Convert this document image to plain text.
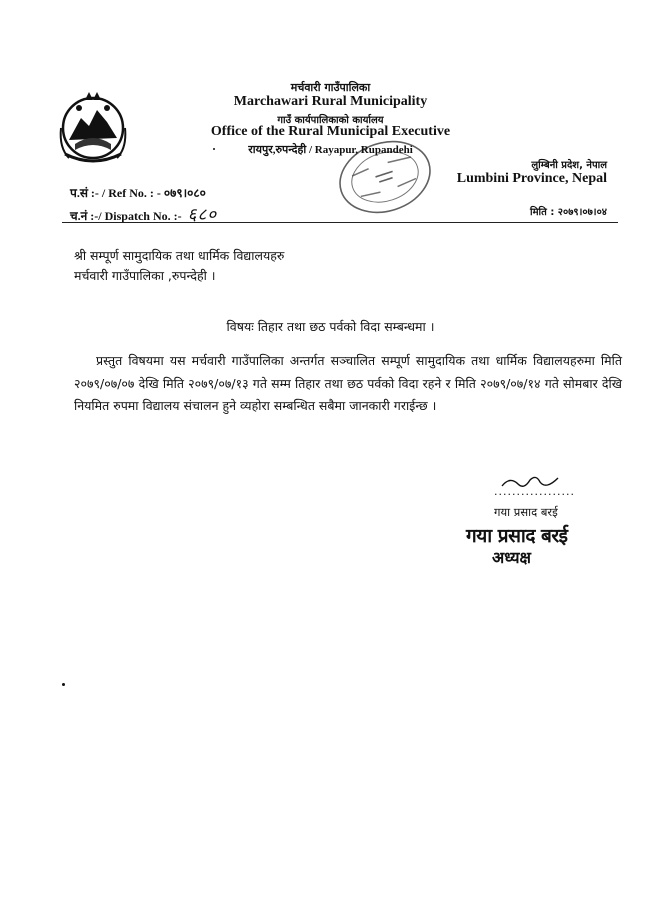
मर्चवारी गाउँपालिका
Marchawari Rural Municipality
गाउँ कार्यपालिकाको कार्यालय
Office of the Rural Municipal Executive
रायपुर,रुपन्देही / Rayapur, Rupandehi
लुम्बिनी प्रदेश, नेपाल
Lumbini Province, Nepal
प.सं :- / Ref No. : - ०७९।०८०
च.नं :-/ Dispatch No. :- ६८०	मिति : २०७९।०७।०४
श्री सम्पूर्ण सामुदायिक तथा धार्मिक विद्यालयहरु
मर्चवारी गाउँपालिका ,रुपन्देही ।
विषयः तिहार तथा छठ पर्वको विदा सम्बन्धमा ।
प्रस्तुत विषयमा यस मर्चवारी गाउँपालिका अन्तर्गत सञ्चालित सम्पूर्ण सामुदायिक तथा धार्मिक विद्यालयहरुमा मिति २०७९/०७/०७ देखि मिति २०७९/०७/१३ गते सम्म तिहार तथा छठ पर्वको विदा रहने र मिति २०७९/०७/१४ गते सोमबार देखि नियमित रुपमा विद्यालय संचालन हुने व्यहोरा सम्बन्धित सबैमा जानकारी गराईन्छ ।
..................
गया प्रसाद बरई
गया प्रसाद बरई
अध्यक्ष
